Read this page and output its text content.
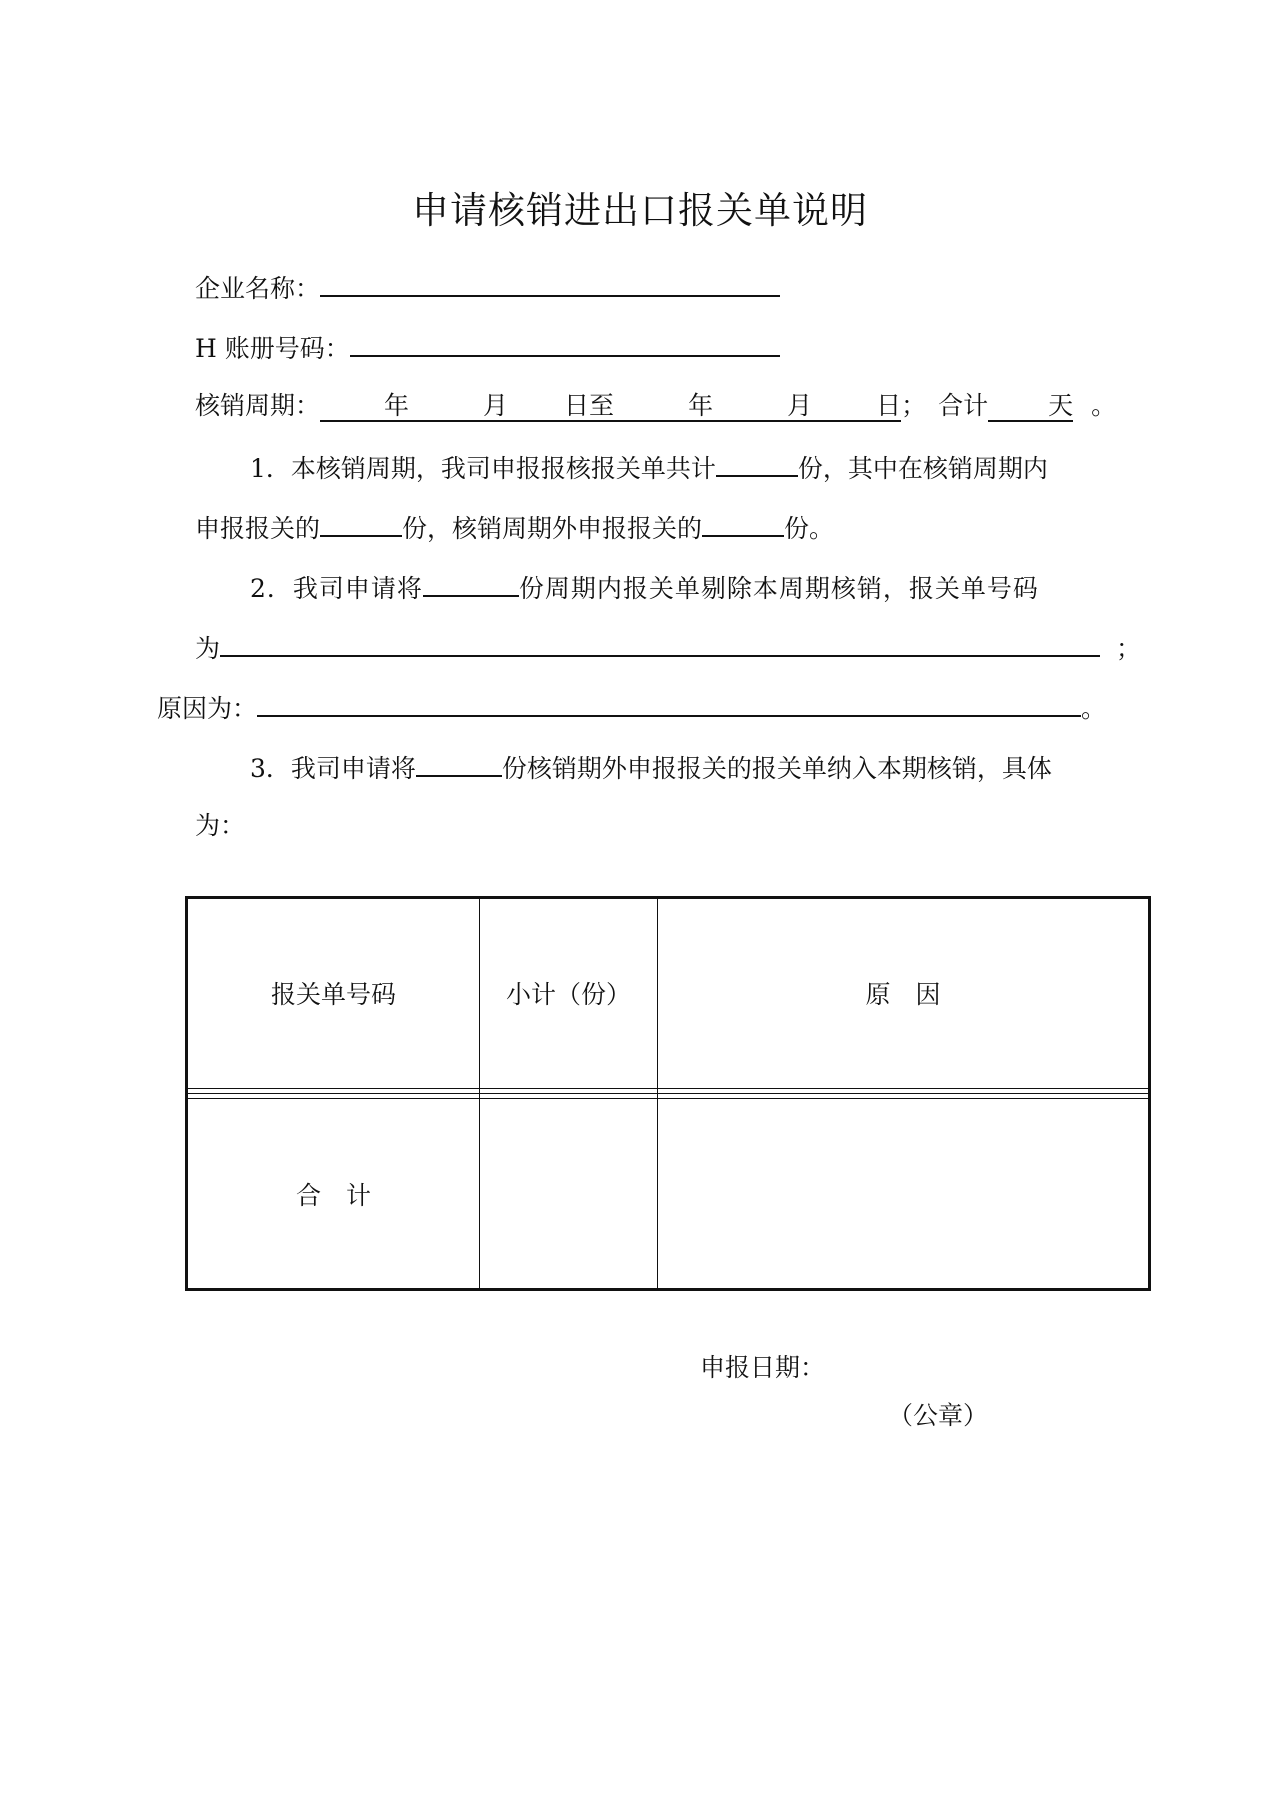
申请核销进出口报关单说明
企业名称：
H 账册号码：
核销周期：	年	月 日至	年	月	日； 合计 天 。
1．本核销周期，我司申报报核报关单共计	份，其中在核销周期内
申报报关的	份，核销周期外申报报关的	份。
2．我司申请将	份周期内报关单剔除本周期核销，报关单号码
为	；
原因为：	。
3．我司申请将	份核销期外申报报关的报关单纳入本期核销，具体
为：
报关单号码	小计（份）	原　因

合　计		
申报日期：
（公章）
